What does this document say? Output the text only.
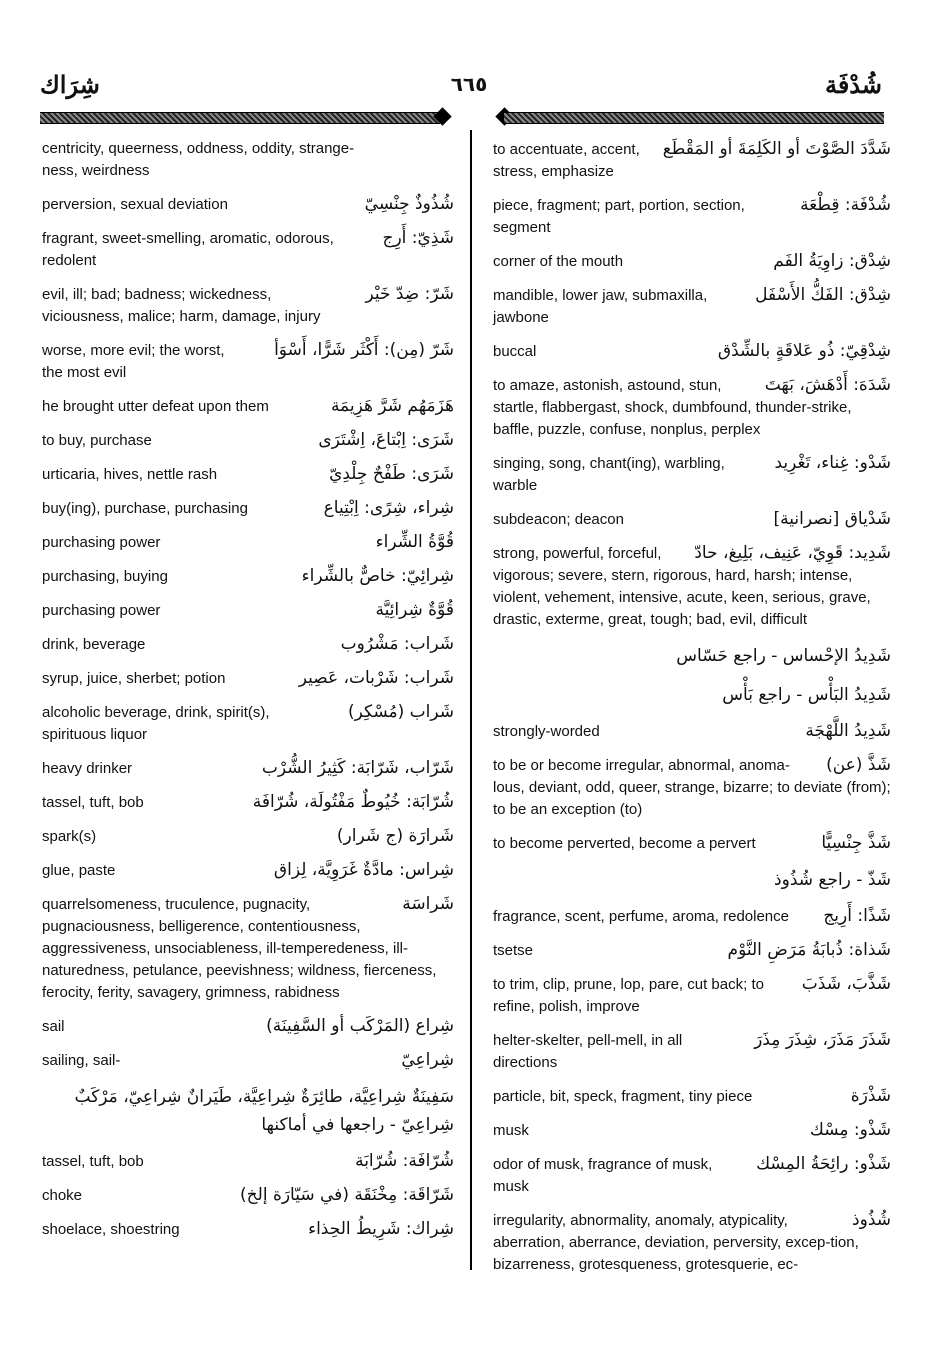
شِرَاك	٦٦٥	شُدْفَة
centricity, queerness, oddness, oddity, strange-
ness, weirdness
perversion, sexual deviation	شُذُوذٌ جِنْسِيّ
fragrant, sweet-smelling, aromatic, odorous,	شَذِيّ: أَرِج
redolent
evil, ill; bad; badness; wickedness,	شَرّ: ضِدّ خَيْر
viciousness, malice; harm, damage, injury
worse, more evil; the worst,	شَرّ (مِن): أَكْثَر شَرًّا، أَسْوَأ
the most evil
he brought utter defeat upon them	هَزَمَهُم شَرَّ هَزِيمَة
to buy, purchase	شَرَى: اِبْتاعَ، اِشْتَرَى
urticaria, hives, nettle rash	شَرَى: طَفْحٌ جِلْدِيّ
buy(ing), purchase, purchasing	شِراء، شِرًى: اِبْتِياع
purchasing power	قُوَّةُ الشِّراء
purchasing, buying	شِرائِيّ: خاصٌّ بالشِّراء
purchasing power	قُوَّةٌ شِرائِيَّة
drink, beverage	شَراب: مَشْرُوب
syrup, juice, sherbet; potion	شَراب: شَرْبات، عَصِير
alcoholic beverage, drink, spirit(s),	شَراب (مُسْكِر)
spirituous liquor
heavy drinker	شَرّاب، شَرّابَة: كَثِيرُ الشُّرْب
tassel, tuft, bob	شُرّابَة: خُيُوطٌ مَفْتُولَة، شُرّافَة
spark(s)	شَرارَة (ج شَرار)
glue, paste	شِراس: مادَّةٌ غَرَوِيَّة، لِزاق
quarrelsomeness, truculence, pugnacity,	شَراسَة
pugnaciousness, belligerence, contentiousness, aggressiveness, unsociableness, ill-temperedeness, ill-naturedness, petulance, peevishness; wildness, fierceness, ferocity, ferity, savagery, grimness, rabidness
sail	شِراع (المَرْكَب أو السَّفِينَة)
sailing, sail-	شِراعِيّ
سَفِينَةٌ شِراعِيَّة، طائِرَةٌ شِراعِيَّة، طَيَرانٌ شِراعِيّ، مَرْكَبٌ شِراعِيّ - راجعها في أماكنها
tassel, tuft, bob	شُرّافَة: شُرّابَة
choke	شَرّاقَة: مِخْنَقَة (في سَيّارَة إلخ)
shoelace, shoestring	شِراك: شَرِيطُ الحِذاء
to accentuate, accent, شَدَّدَ الصَّوْتَ أو الكَلِمَةَ أو المَقْطَع
stress, emphasize
piece, fragment; part, portion, section,	شُدْفَة: قِطْعَة
segment
corner of the mouth	شِدْق: زاوِيَةُ الفَم
mandible, lower jaw, submaxilla,	شِدْق: الفَكُّ الأَسْفَل
jawbone
buccal	شِدْقِيّ: ذُو عَلاقَةٍ بالشِّدْق
to amaze, astonish, astound, stun,	شَدَهَ: أَدْهَشَ، بَهَتَ
startle, flabbergast, shock, dumbfound, thunder-strike, baffle, puzzle, confuse, nonplus, perplex
singing, song, chant(ing), warbling,	شَدْو: غِناء، تَغْرِيد
warble
subdeacon; deacon	شَدْياق [نصرانية]
strong, powerful, forceful, شَدِيد: قَوِيّ، عَنِيف، بَلِيغ، حادّ
vigorous; severe, stern, rigorous, hard, harsh; intense, violent, vehement, intensive, acute, keen, serious, grave, drastic, exterme, great, tough; bad, evil, difficult
شَدِيدُ الإحْساس - راجع حَسّاس
شَدِيدُ البَأْس - راجع بَأْس
strongly-worded	شَدِيدُ اللَّهْجَة
to be or become irregular, abnormal, anoma- شَذَّ (عن)
lous, deviant, odd, queer, strange, bizarre; to deviate (from); to be an exception (to)
to become perverted, become a pervert	شَذَّ جِنْسِيًّا
شَذّ - راجع شُذُوذ
fragrance, scent, perfume, aroma, redolence شَذًا: أَرِيج
tsetse	شَذاة: ذُبابَةُ مَرَضِ النَّوْم
to trim, clip, prune, lop, pare, cut back; to شَذَّبَ، شَذَبَ
refine, polish, improve
helter-skelter, pell-mell, in all	شَذَرَ مَذَرَ، شِذَرَ مِذَرَ
directions
particle, bit, speck, fragment, tiny piece	شَذْرَة
musk	شَذْو: مِسْك
odor of musk, fragrance of musk,	شَذْو: رائِحَةُ المِسْك
musk
irregularity, abnormality, anomaly, atypicality,	شُذُوذ
aberration, aberrance, deviation, perversity, excep-tion, bizarreness, grotesqueness, grotesquerie, ec-
